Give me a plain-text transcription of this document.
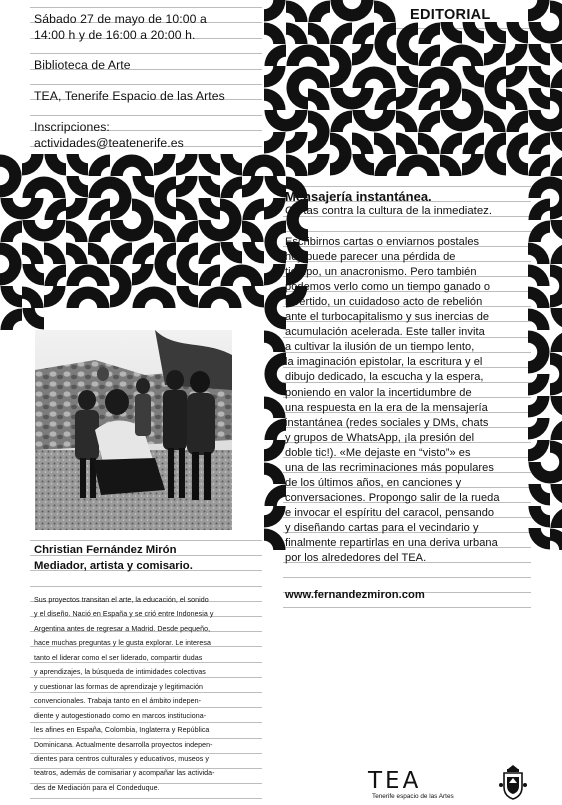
EDITORIAL
Sábado 27 de mayo de 10:00 a
14:00 h y de 16:00 a 20:00 h.
Biblioteca de Arte
TEA, Tenerife Espacio de las Artes
Inscripciones:
actividades@teatenerife.es
Mensajería instantánea.
Cartas contra la cultura de la inmediatez.
Escribirnos cartas o enviarnos postales
hoy puede parecer una pérdida de
tiempo, un anacronismo. Pero también
podemos verlo como un tiempo ganado o
invertido, un cuidadoso acto de rebelión
ante el turbocapitalismo y sus inercias de
acumulación acelerada. Este taller invita
a cultivar la ilusión de un tiempo lento,
la imaginación epistolar, la escritura y el
dibujo dedicado, la escucha y la espera,
poniendo en valor la incertidumbre de
una respuesta en la era de la mensajería
instantánea (redes sociales y DMs, chats
y grupos de WhatsApp, ¡la presión del
doble tic!). «Me dejaste en “visto”» es
una de las recriminaciones más populares
de los últimos años, en canciones y
conversaciones. Propongo salir de la rueda
e invocar el espíritu del caracol, pensando
y diseñando cartas para el vecindario y
finalmente repartirlas en una deriva urbana
por los alrededores del TEA.
www.fernandezmiron.com
Christian Fernández Mirón
Mediador, artista y comisario.
Sus proyectos transitan el arte, la educación, el sonido
y el diseño. Nació en España y se crió entre Indonesia y
Argentina antes de regresar a Madrid. Desde pequeño,
hace muchas preguntas y le gusta explorar. Le interesa
tanto el liderar como el ser liderado, compartir dudas
y aprendizajes, la búsqueda de intimidades colectivas
y cuestionar las formas de aprendizaje y legitimación
convencionales. Trabaja tanto en el ámbito indepen-
diente y autogestionado como en marcos institucionа-
les afines en España, Colombia, Inglaterra y República
Dominicana. Actualmente desarrolla proyectos indepen-
dientes para centros culturales y educativos, museos y
teatros, además de comisariar y acompañar las activida-
des de Mediación para el Condeduque.	TEA
Tenerife espacio de las Artes
